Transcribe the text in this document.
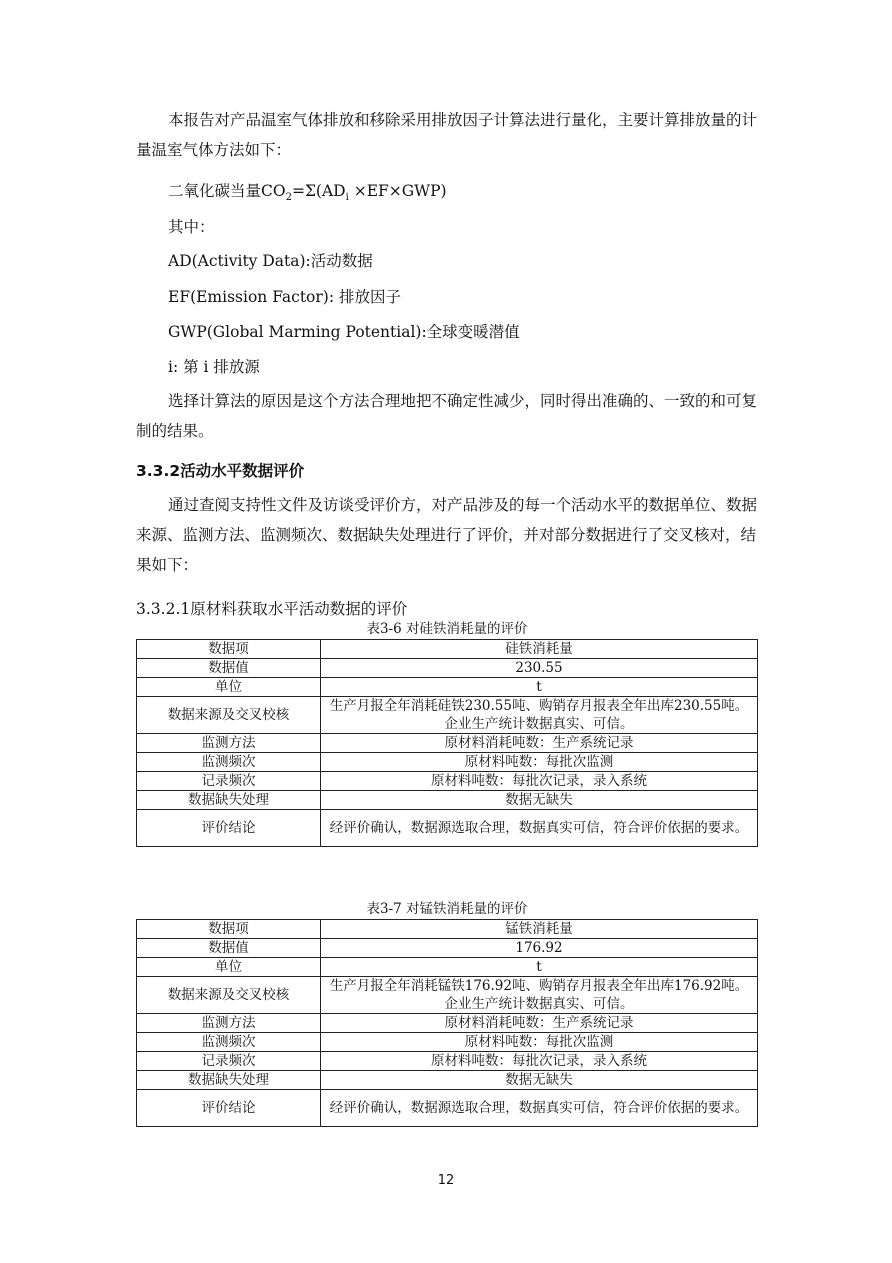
本报告对产品温室气体排放和移除采用排放因子计算法进行量化，主要计算排放量的计量温室气体方法如下：

二氧化碳当量$CO_2=\Sigma(AD_i \times EF\times GWP)$

其中：

AD(Activity Data):活动数据

EF(Emission Factor): 排放因子

GWP(Global Marming Potential):全球变暖潜值

i: 第 i 排放源

选择计算法的原因是这个方法合理地把不确定性减少，同时得出准确的、一致的和可复制的结果。

3.3.2活动水平数据评价

通过查阅支持性文件及访谈受评价方，对产品涉及的每一个活动水平的数据单位、数据来源、监测方法、监测频次、数据缺失处理进行了评价，并对部分数据进行了交叉核对，结果如下：

3.3.2.1原材料获取水平活动数据的评价

表3-6 对硅铁消耗量的评价

数据项	硅铁消耗量
数据值	230.55
单位	t
数据来源及交叉校核	生产月报全年消耗硅铁230.55吨、购销存月报表全年出库230.55吨。企业生产统计数据真实、可信。
监测方法	原材料消耗吨数：生产系统记录
监测频次	原材料吨数：每批次监测
记录频次	原材料吨数：每批次记录，录入系统
数据缺失处理	数据无缺失
评价结论	经评价确认，数据源选取合理，数据真实可信，符合评价依据的要求。

表3-7 对锰铁消耗量的评价

数据项	锰铁消耗量
数据值	176.92
单位	t
数据来源及交叉校核	生产月报全年消耗锰铁176.92吨、购销存月报表全年出库176.92吨。企业生产统计数据真实、可信。
监测方法	原材料消耗吨数：生产系统记录
监测频次	原材料吨数：每批次监测
记录频次	原材料吨数：每批次记录，录入系统
数据缺失处理	数据无缺失
评价结论	经评价确认，数据源选取合理，数据真实可信，符合评价依据的要求。
12
